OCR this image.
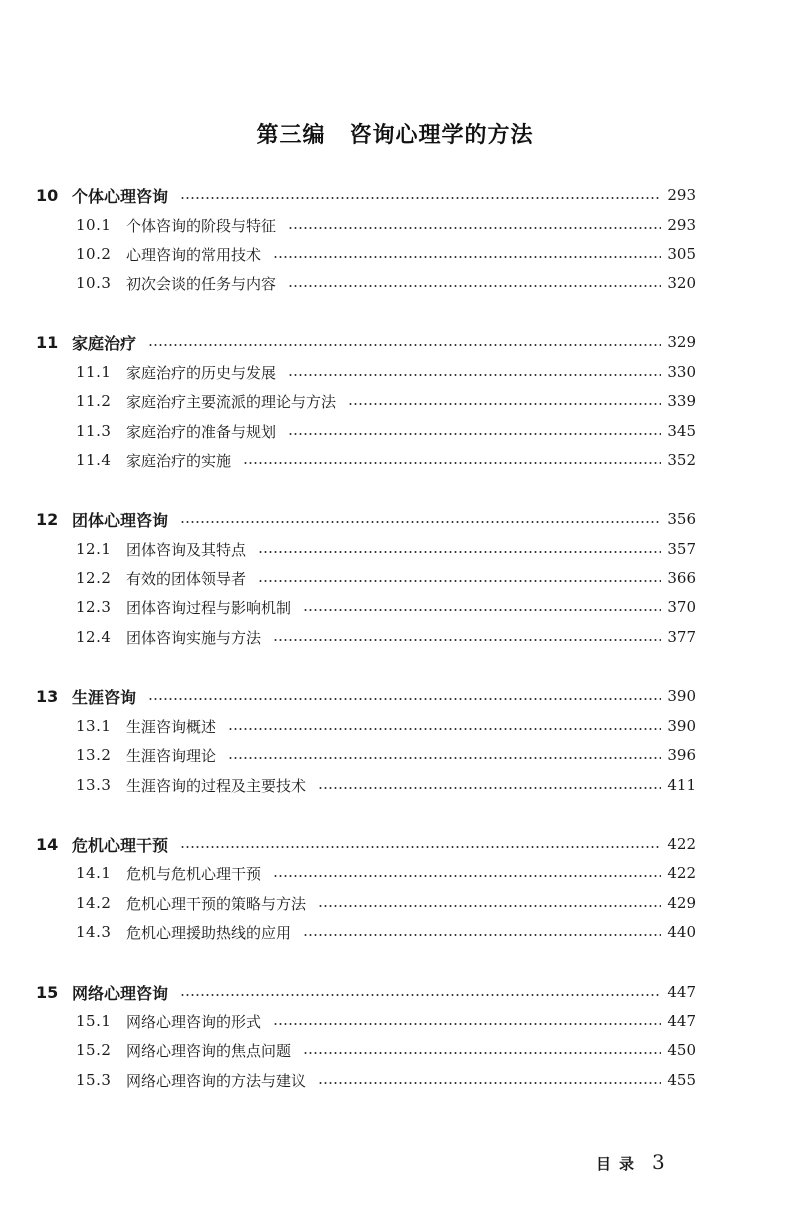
第三编 咨询心理学的方法
10 个体心理咨询	293
10.1 个体咨询的阶段与特征	293
10.2 心理咨询的常用技术	305
10.3 初次会谈的任务与内容	320
11 家庭治疗	329
11.1 家庭治疗的历史与发展	330
11.2 家庭治疗主要流派的理论与方法	339
11.3 家庭治疗的准备与规划	345
11.4 家庭治疗的实施	352
12 团体心理咨询	356
12.1 团体咨询及其特点	357
12.2 有效的团体领导者	366
12.3 团体咨询过程与影响机制	370
12.4 团体咨询实施与方法	377
13 生涯咨询	390
13.1 生涯咨询概述	390
13.2 生涯咨询理论	396
13.3 生涯咨询的过程及主要技术	411
14 危机心理干预	422
14.1 危机与危机心理干预	422
14.2 危机心理干预的策略与方法	429
14.3 危机心理援助热线的应用	440
15 网络心理咨询	447
15.1 网络心理咨询的形式	447
15.2 网络心理咨询的焦点问题	450
15.3 网络心理咨询的方法与建议	455
目录 3
